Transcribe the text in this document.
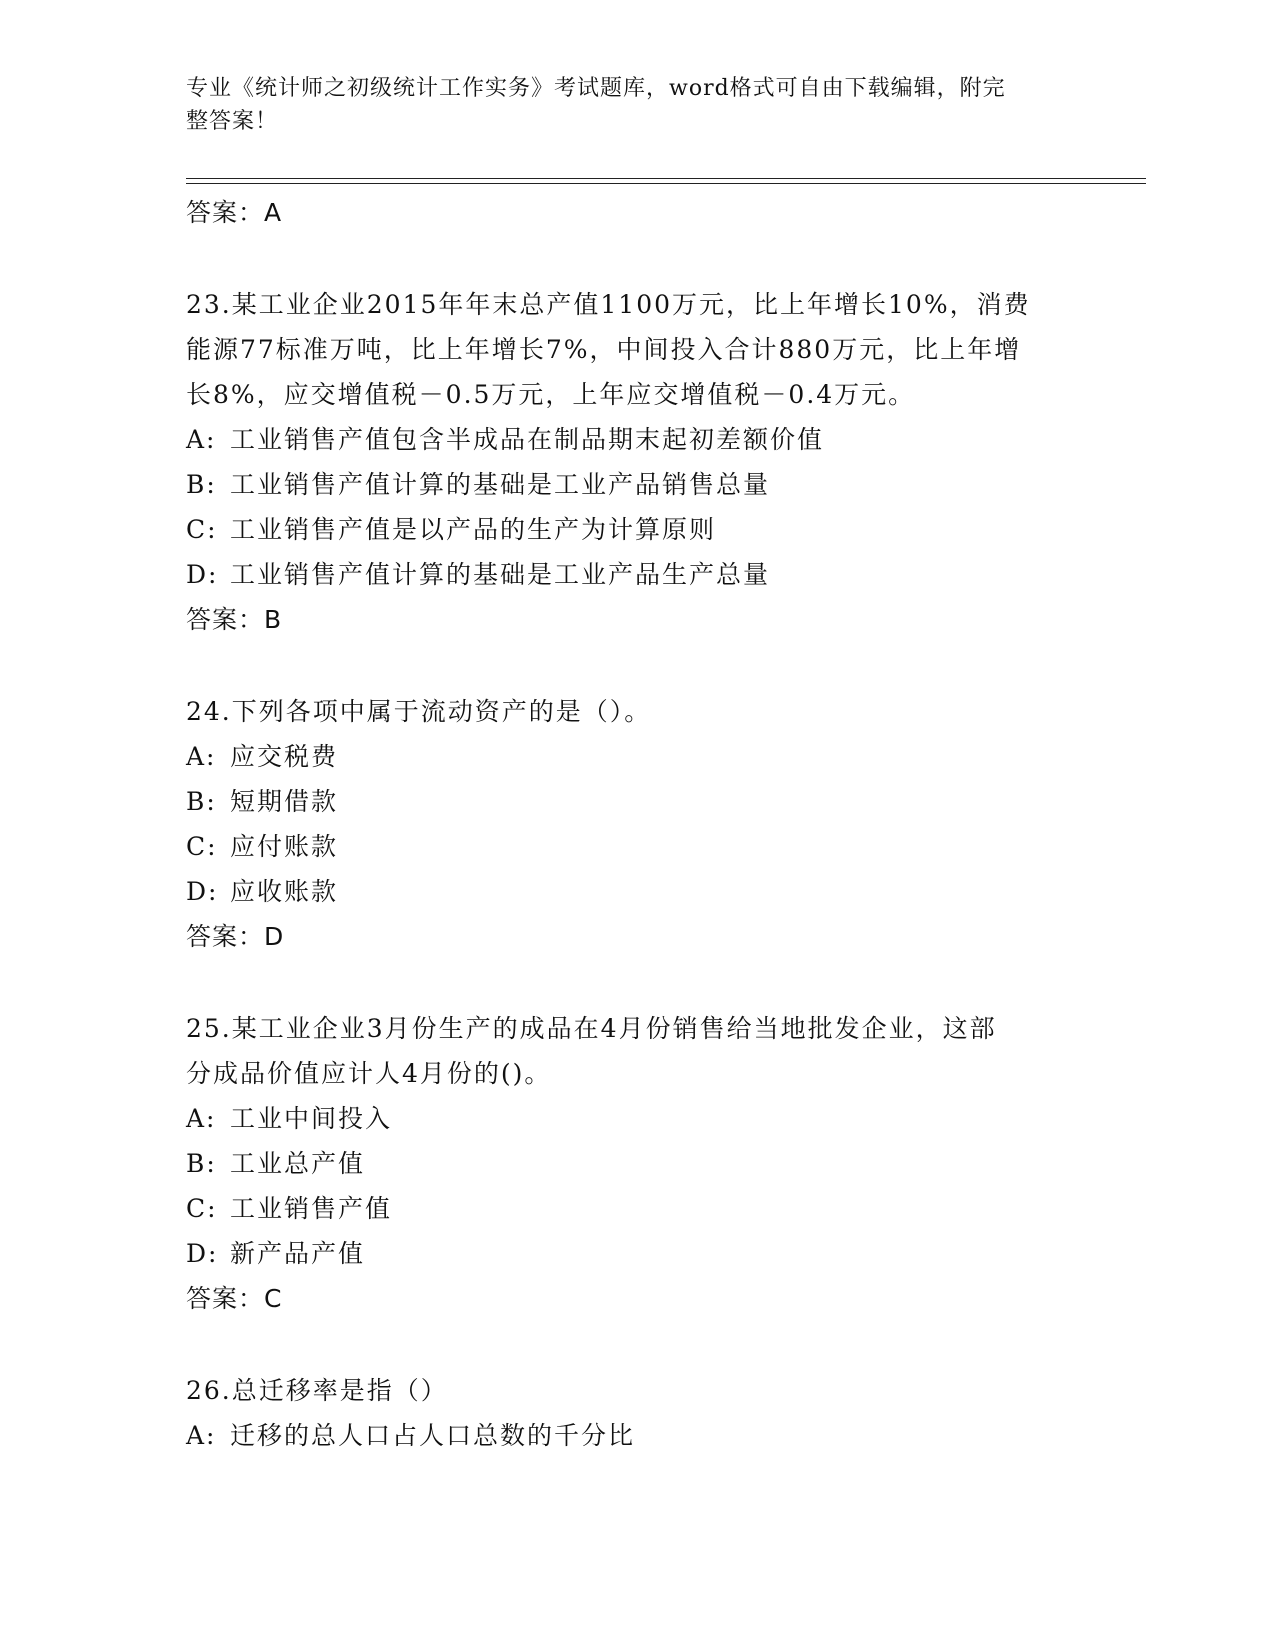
专业《统计师之初级统计工作实务》考试题库，word格式可自由下载编辑，附完
整答案！
答案：A
23.某工业企业2015年年末总产值1100万元，比上年增长10%，消费
能源77标准万吨，比上年增长7%，中间投入合计880万元，比上年增
长8%，应交增值税－0.5万元，上年应交增值税－0.4万元。
A: 工业销售产值包含半成品在制品期末起初差额价值
B: 工业销售产值计算的基础是工业产品销售总量
C: 工业销售产值是以产品的生产为计算原则
D: 工业销售产值计算的基础是工业产品生产总量
答案：B
24.下列各项中属于流动资产的是（）。
A: 应交税费
B: 短期借款
C: 应付账款
D: 应收账款
答案：D
25.某工业企业3月份生产的成品在4月份销售给当地批发企业，这部
分成品价值应计人4月份的()。
A: 工业中间投入
B: 工业总产值
C: 工业销售产值
D: 新产品产值
答案：C
26.总迁移率是指（）
A: 迁移的总人口占人口总数的千分比
